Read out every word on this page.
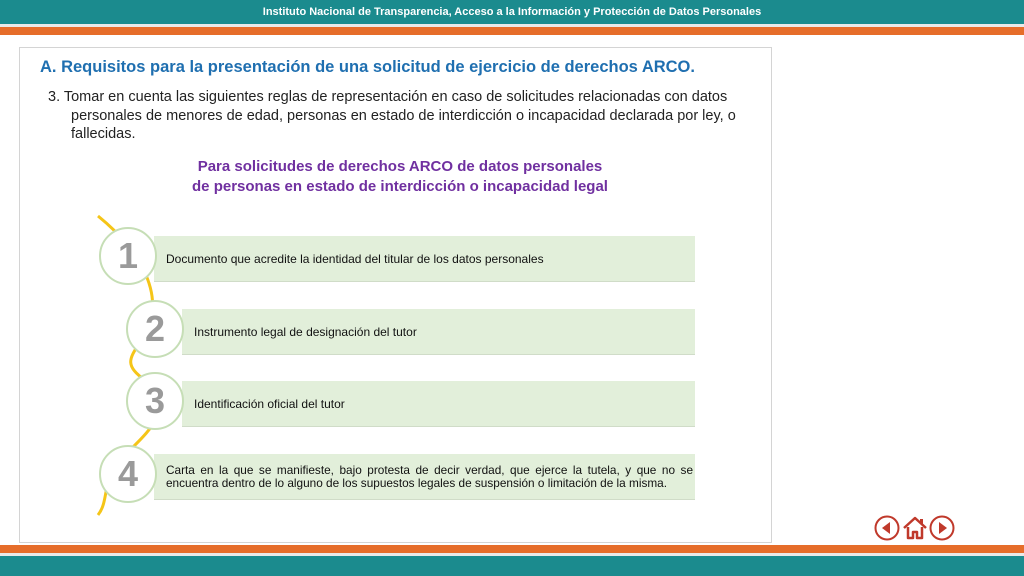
Instituto Nacional de Transparencia, Acceso a la Información y Protección de Datos Personales
A. Requisitos para la presentación de una solicitud de ejercicio de derechos ARCO.
3. Tomar en cuenta las siguientes reglas de representación en caso de solicitudes relacionadas con datos personales de menores de edad, personas en estado de interdicción o incapacidad declarada por ley, o fallecidas.
Para solicitudes de derechos ARCO de datos personales
de personas en estado de interdicción o incapacidad legal
Documento que acredite la identidad del titular de los datos personales
Instrumento legal de designación del tutor
Identificación oficial del tutor
Carta en la que se manifieste, bajo protesta de decir verdad, que ejerce la tutela, y que no se encuentra dentro de lo alguno de los supuestos legales de suspensión o limitación de la misma.
1
2
3
4
